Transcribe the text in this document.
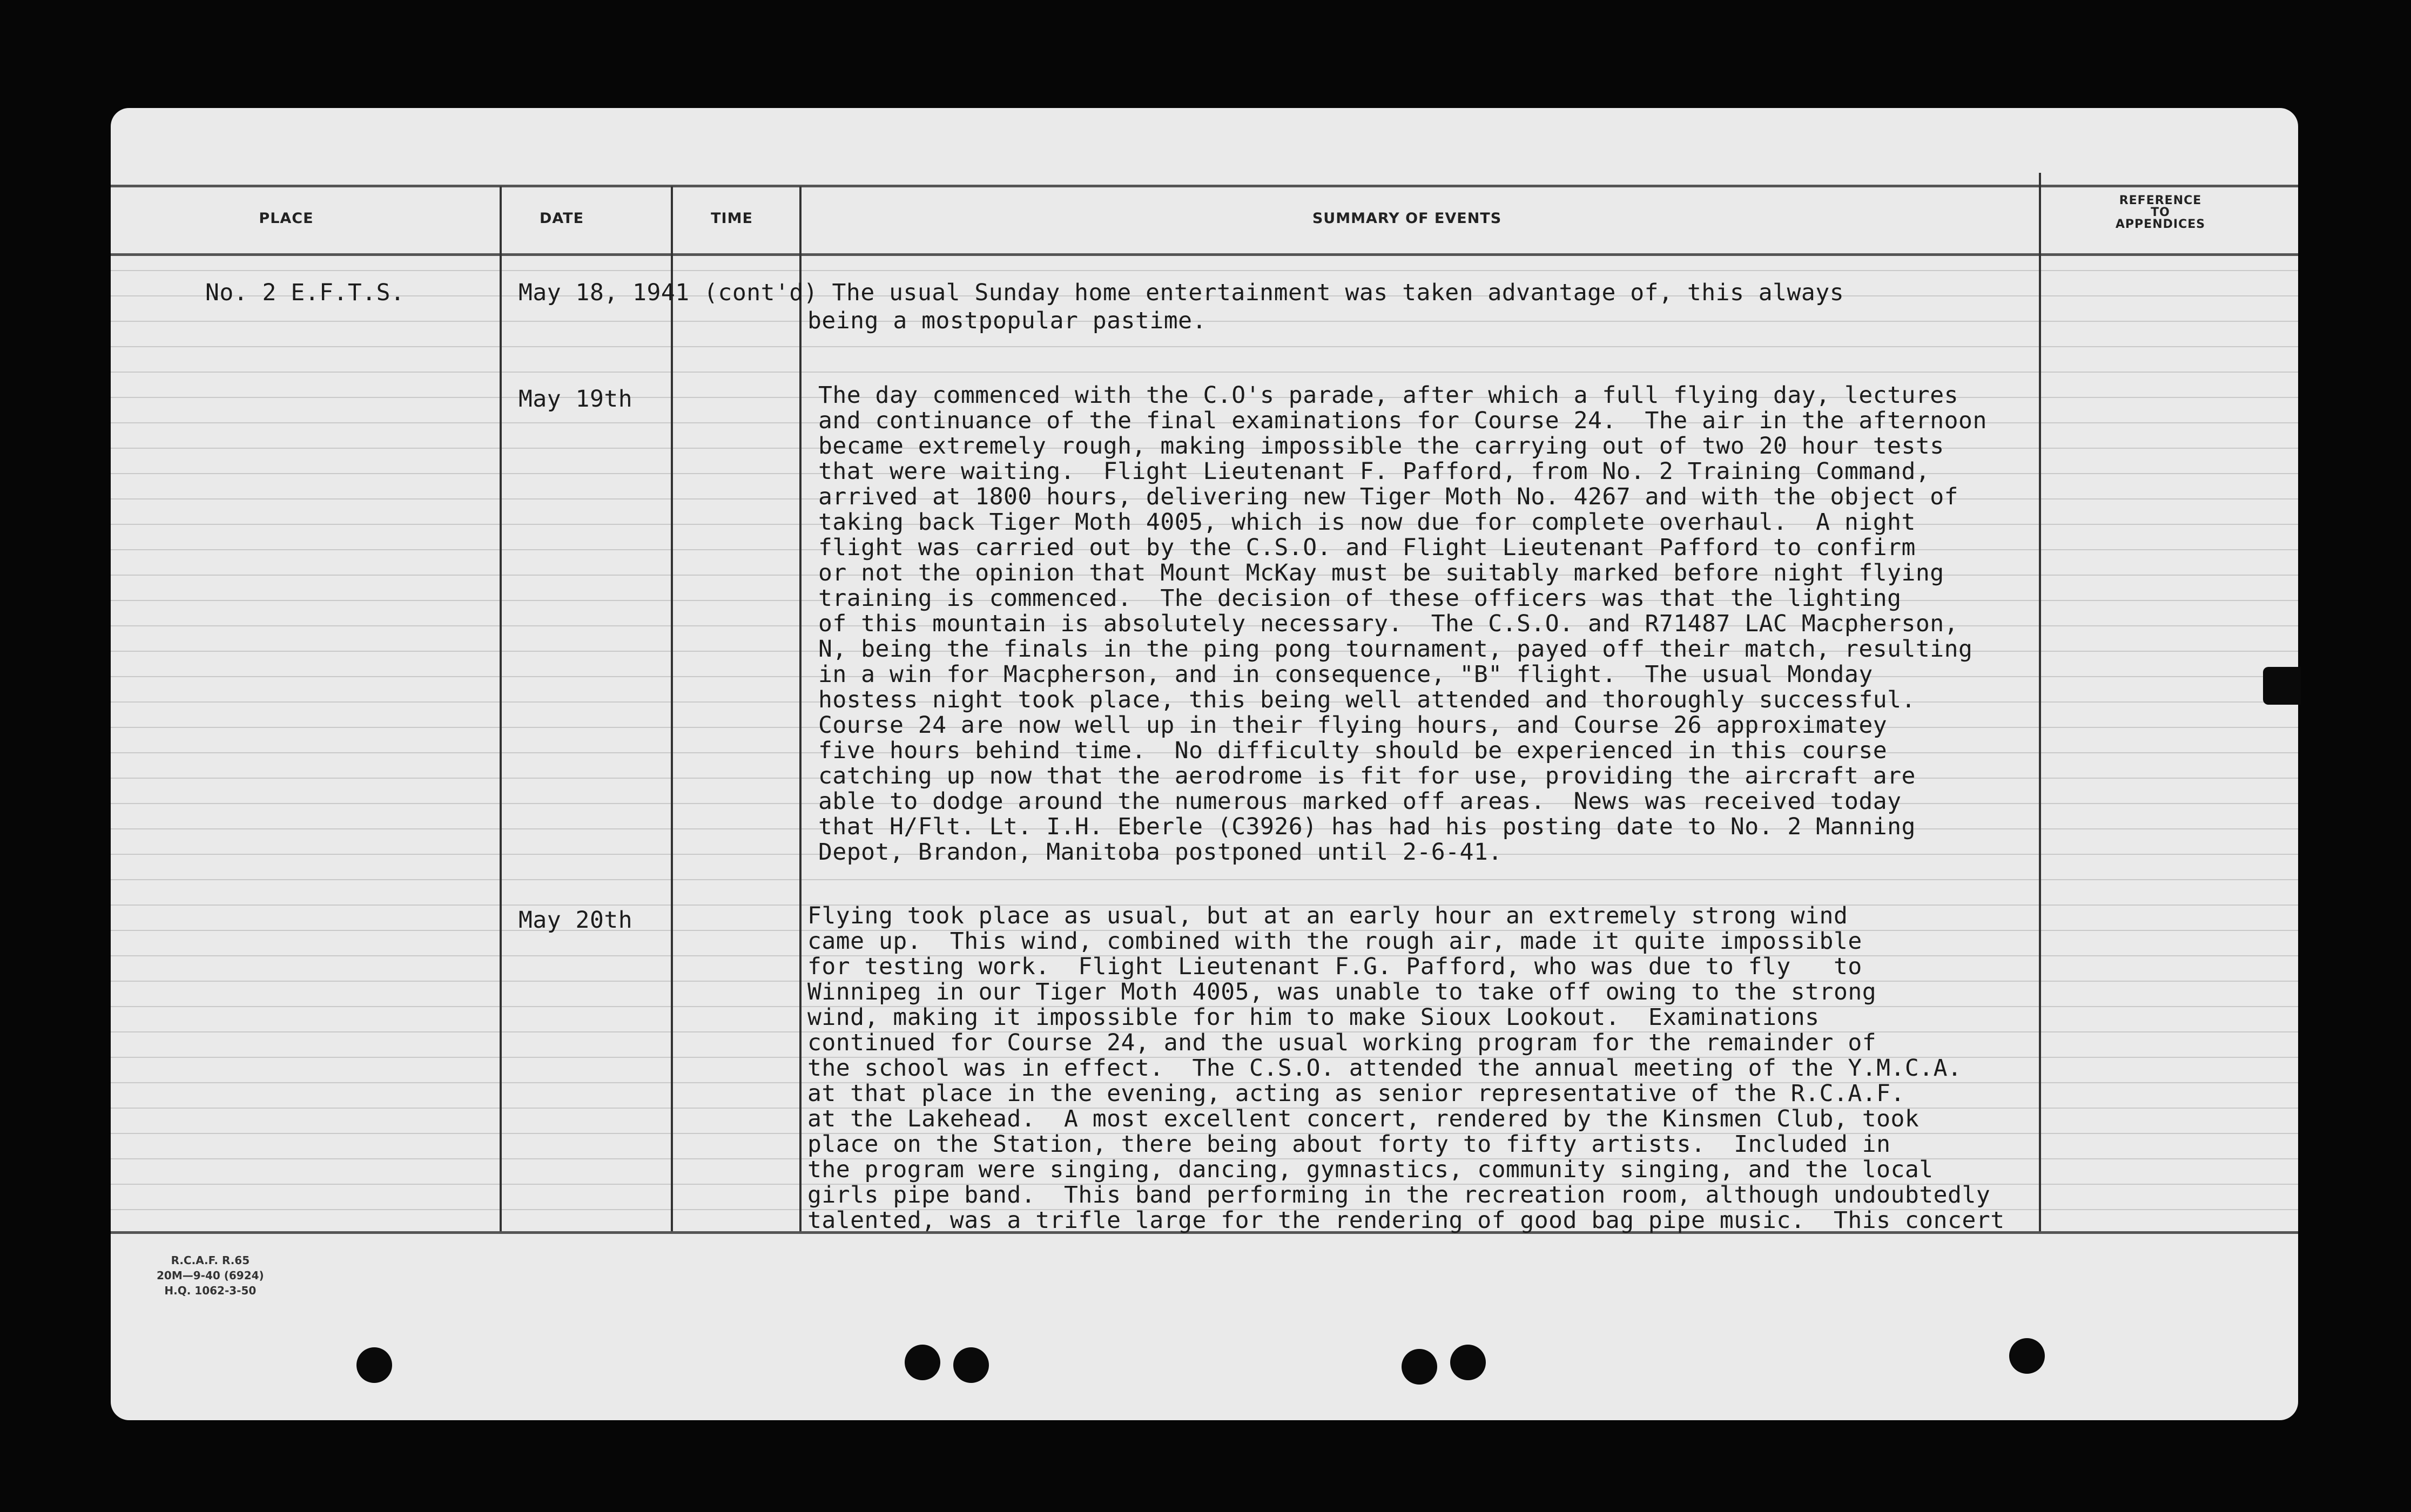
PLACE	DATE	TIME	SUMMARY OF EVENTS
REFERENCE
TO
APPENDICES
No. 2 E.F.T.S.	May 18, 1941 (cont'd) The usual Sunday home entertainment was taken advantage of, this always
being a mostpopular pastime.
May 19th	The day commenced with the C.O's parade, after which a full flying day, lectures
and continuance of the final examinations for Course 24.  The air in the afternoon
became extremely rough, making impossible the carrying out of two 20 hour tests
that were waiting.  Flight Lieutenant F. Pafford, from No. 2 Training Command,
arrived at 1800 hours, delivering new Tiger Moth No. 4267 and with the object of
taking back Tiger Moth 4005, which is now due for complete overhaul.  A night
flight was carried out by the C.S.O. and Flight Lieutenant Pafford to confirm
or not the opinion that Mount McKay must be suitably marked before night flying
training is commenced.  The decision of these officers was that the lighting
of this mountain is absolutely necessary.  The C.S.O. and R71487 LAC Macpherson,
N, being the finals in the ping pong tournament, payed off their match, resulting
in a win for Macpherson, and in consequence, "B" flight.  The usual Monday
hostess night took place, this being well attended and thoroughly successful.
Course 24 are now well up in their flying hours, and Course 26 approximatey
five hours behind time.  No difficulty should be experienced in this course
catching up now that the aerodrome is fit for use, providing the aircraft are
able to dodge around the numerous marked off areas.  News was received today
that H/Flt. Lt. I.H. Eberle (C3926) has had his posting date to No. 2 Manning
Depot, Brandon, Manitoba postponed until 2-6-41.
May 20th	Flying took place as usual, but at an early hour an extremely strong wind
came up.  This wind, combined with the rough air, made it quite impossible
for testing work.  Flight Lieutenant F.G. Pafford, who was due to fly   to
Winnipeg in our Tiger Moth 4005, was unable to take off owing to the strong
wind, making it impossible for him to make Sioux Lookout.  Examinations
continued for Course 24, and the usual working program for the remainder of
the school was in effect.  The C.S.O. attended the annual meeting of the Y.M.C.A.
at that place in the evening, acting as senior representative of the R.C.A.F.
at the Lakehead.  A most excellent concert, rendered by the Kinsmen Club, took
place on the Station, there being about forty to fifty artists.  Included in
the program were singing, dancing, gymnastics, community singing, and the local
girls pipe band.  This band performing in the recreation room, although undoubtedly
talented, was a trifle large for the rendering of good bag pipe music.  This concert
R.C.A.F. R.65
20M—9-40 (6924)
H.Q. 1062-3-50
